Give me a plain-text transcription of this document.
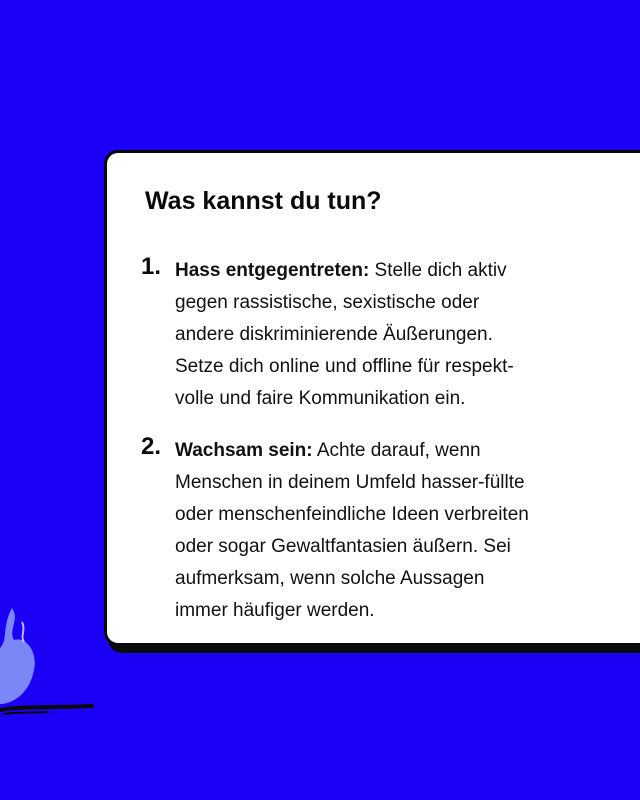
Was kannst du tun?
1. Hass entgegentreten: Stelle dich aktiv gegen rassistische, sexistische oder andere diskriminierende Äußerungen. Setze dich online und offline für respekt-volle und faire Kommunikation ein.
2. Wachsam sein: Achte darauf, wenn Menschen in deinem Umfeld hasser-füllte oder menschenfeindliche Ideen verbreiten oder sogar Gewaltfantasien äußern. Sei aufmerksam, wenn solche Aussagen immer häufiger werden.
